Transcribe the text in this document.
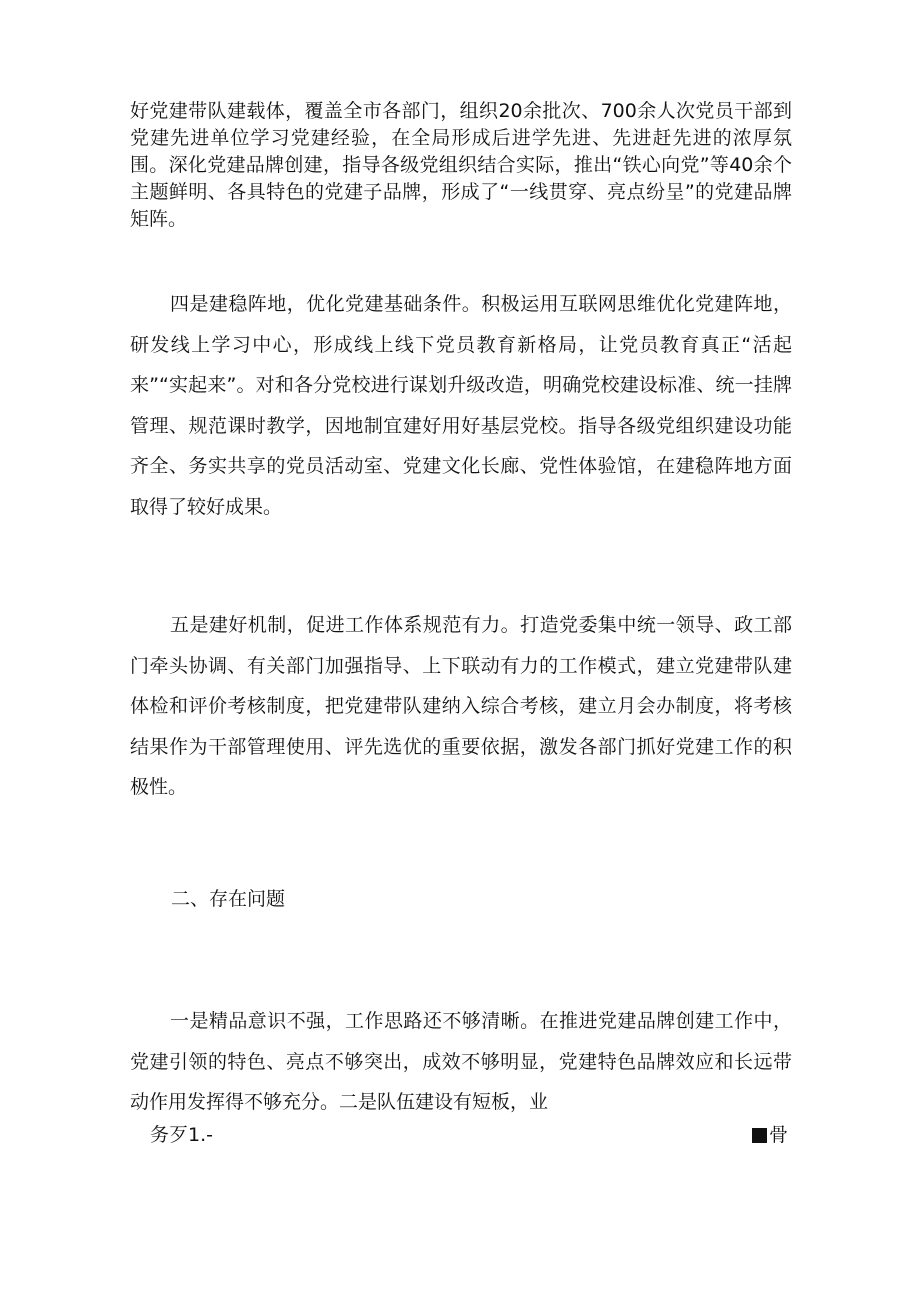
好党建带队建载体，覆盖全市各部门，组织20余批次、700余人次党员干部到党建先进单位学习党建经验，在全局形成后进学先进、先进赶先进的浓厚氛围。深化党建品牌创建，指导各级党组织结合实际，推出“铁心向党”等40余个主题鲜明、各具特色的党建子品牌，形成了“一线贯穿、亮点纷呈”的党建品牌矩阵。

四是建稳阵地，优化党建基础条件。积极运用互联网思维优化党建阵地，研发线上学习中心，形成线上线下党员教育新格局，让党员教育真正“活起来”“实起来”。对和各分党校进行谋划升级改造，明确党校建设标准、统一挂牌管理、规范课时教学，因地制宜建好用好基层党校。指导各级党组织建设功能齐全、务实共享的党员活动室、党建文化长廊、党性体验馆，在建稳阵地方面取得了较好成果。

五是建好机制，促进工作体系规范有力。打造党委集中统一领导、政工部门牵头协调、有关部门加强指导、上下联动有力的工作模式，建立党建带队建体检和评价考核制度，把党建带队建纳入综合考核，建立月会办制度，将考核结果作为干部管理使用、评先选优的重要依据，激发各部门抓好党建工作的积极性。

二、存在问题

一是精品意识不强，工作思路还不够清晰。在推进党建品牌创建工作中，党建引领的特色、亮点不够突出，成效不够明显，党建特色品牌效应和长远带动作用发挥得不够充分。二是队伍建设有短板，业

务歹1.-	骨
